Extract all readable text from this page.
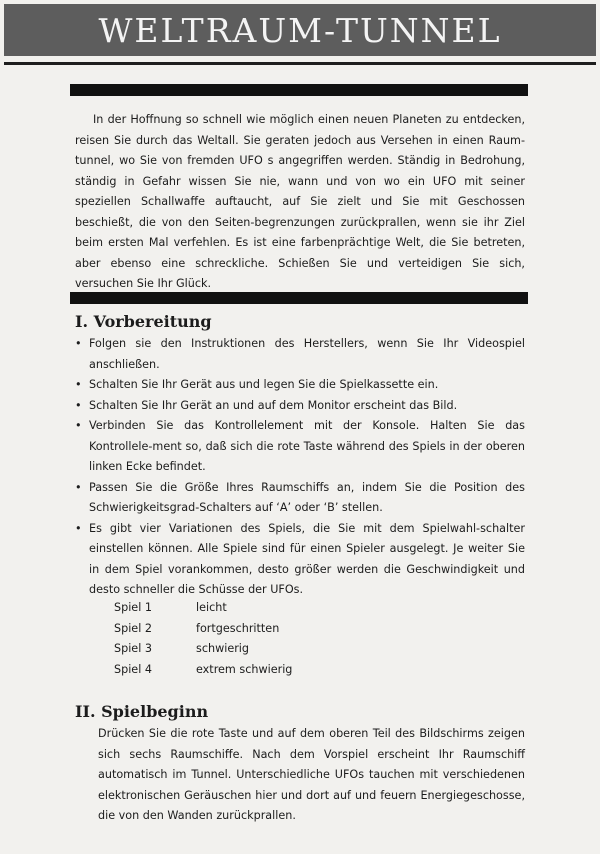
WELTRAUM-TUNNEL

In der Hoffnung so schnell wie möglich einen neuen Planeten zu entdecken, reisen Sie durch das Weltall. Sie geraten jedoch aus Versehen in einen Raum-tunnel, wo Sie von fremden UFO s angegriffen werden. Ständig in Bedrohung, ständig in Gefahr wissen Sie nie, wann und von wo ein UFO mit seiner speziellen Schallwaffe auftaucht, auf Sie zielt und Sie mit Geschossen beschießt, die von den Seiten-begrenzungen zurückprallen, wenn sie ihr Ziel beim ersten Mal verfehlen. Es ist eine farbenprächtige Welt, die Sie betreten, aber ebenso eine schreckliche. Schießen Sie und verteidigen Sie sich, versuchen Sie Ihr Glück.

I. Vorbereitung
• Folgen sie den Instruktionen des Herstellers, wenn Sie Ihr Videospiel anschließen.
• Schalten Sie Ihr Gerät aus und legen Sie die Spielkassette ein.
• Schalten Sie Ihr Gerät an und auf dem Monitor erscheint das Bild.
• Verbinden Sie das Kontrollelement mit der Konsole. Halten Sie das Kontrollele-ment so, daß sich die rote Taste während des Spiels in der oberen linken Ecke befindet.
• Passen Sie die Größe Ihres Raumschiffs an, indem Sie die Position des Schwierigkeitsgrad-Schalters auf ‘A’ oder ‘B’ stellen.
• Es gibt vier Variationen des Spiels, die Sie mit dem Spielwahl-schalter einstellen können. Alle Spiele sind für einen Spieler ausgelegt. Je weiter Sie in dem Spiel vorankommen, desto größer werden die Geschwindigkeit und desto schneller die Schüsse der UFOs.
Spiel 1	leicht
Spiel 2	fortgeschritten
Spiel 3	schwierig
Spiel 4	extrem schwierig
II. Spielbeginn

Drücken Sie die rote Taste und auf dem oberen Teil des Bildschirms zeigen sich sechs Raumschiffe. Nach dem Vorspiel erscheint Ihr Raumschiff automatisch im Tunnel. Unterschiedliche UFOs tauchen mit verschiedenen elektronischen Geräuschen hier und dort auf und feuern Energiegeschosse, die von den Wanden zurückprallen.
